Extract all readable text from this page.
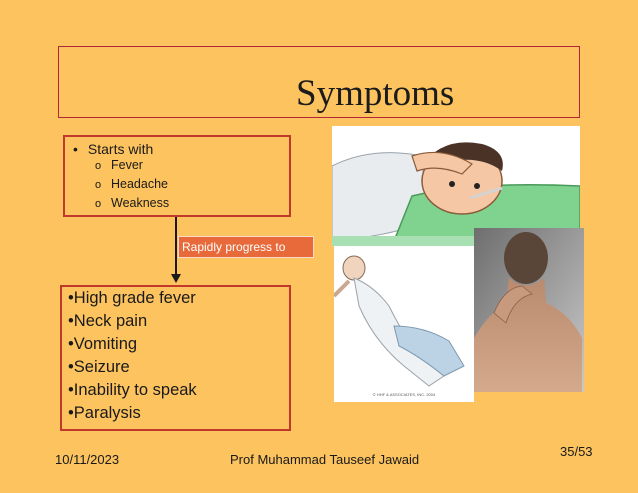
Symptoms
• Starts with
o Fever
o Headache
o Weakness
Rapidly progress to
•High grade fever
•Neck pain
•Vomiting
•Seizure
•Inability to speak
•Paralysis
© HHF & ASSOCIATES, INC. 2004
10/11/2023	Prof Muhammad Tauseef Jawaid
35/53
